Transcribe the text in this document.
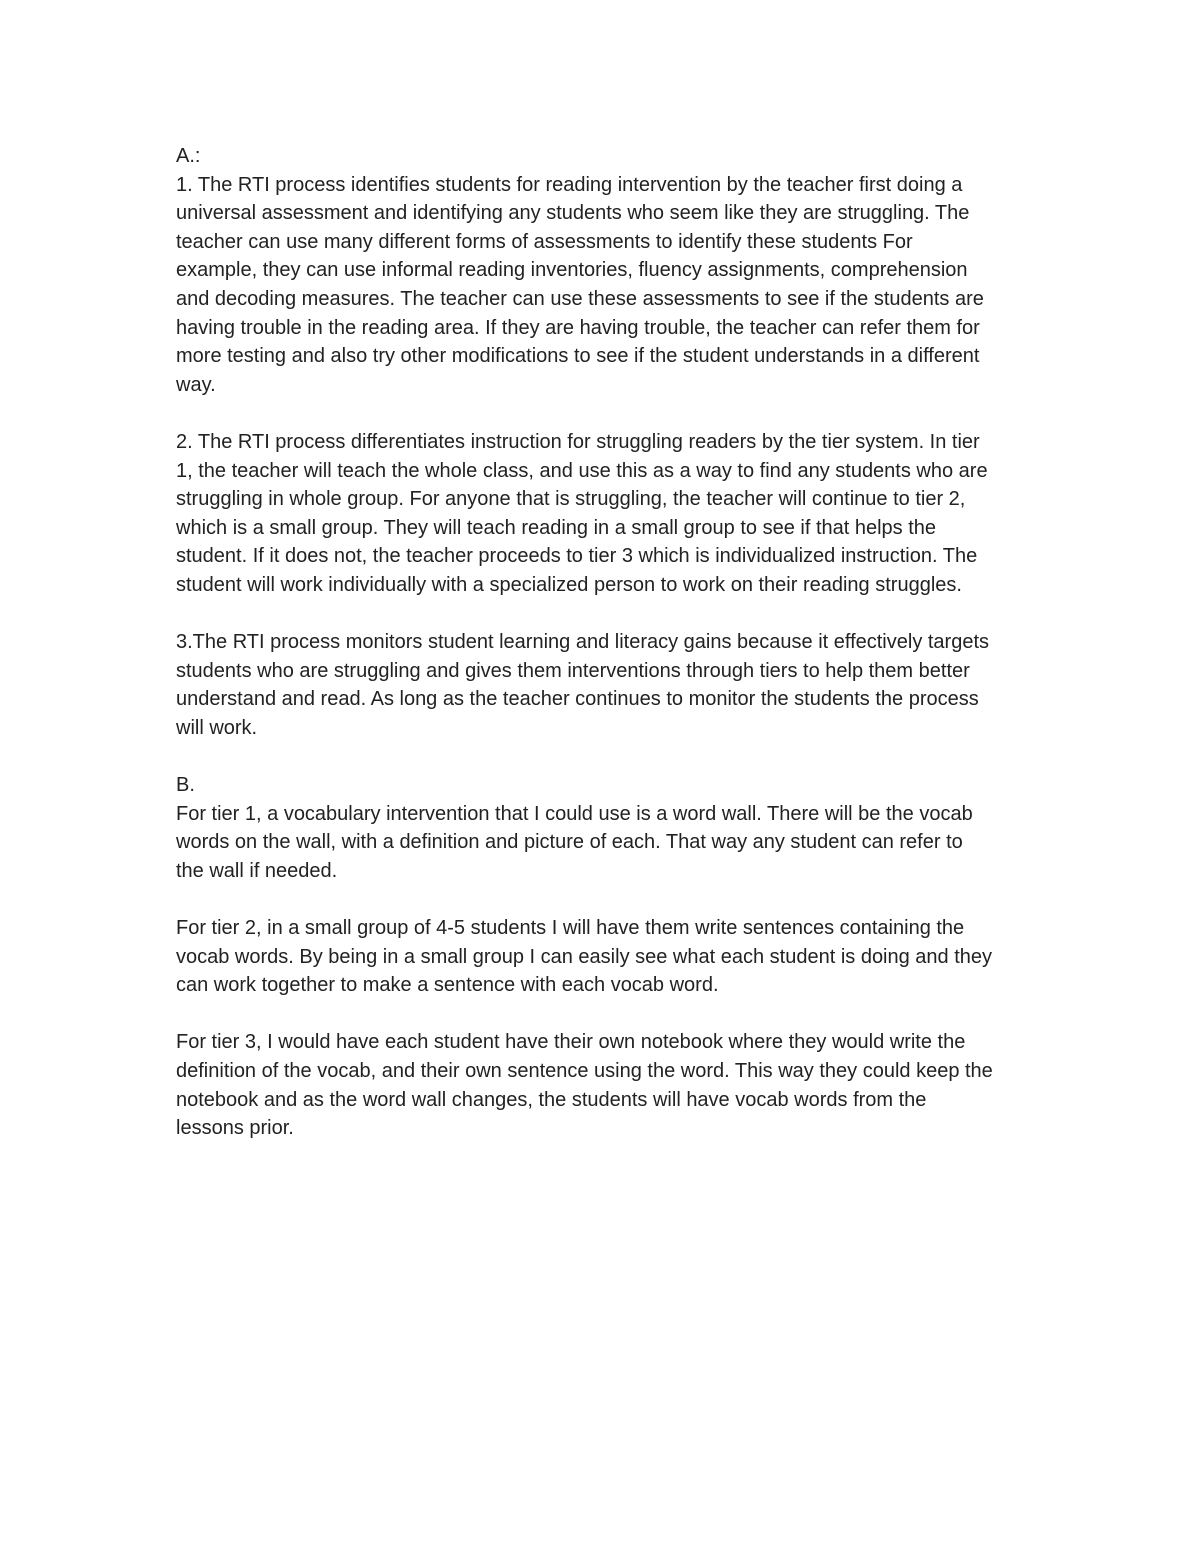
A.:
1. The RTI process identifies students for reading intervention by the teacher first doing a
universal assessment and identifying any students who seem like they are struggling. The
teacher can use many different forms of assessments to identify these students For
example, they can use informal reading inventories, fluency assignments, comprehension
and decoding measures. The teacher can use these assessments to see if the students are
having trouble in the reading area. If they are having trouble, the teacher can refer them for
more testing and also try other modifications to see if the student understands in a different
way.
2. The RTI process differentiates instruction for struggling readers by the tier system. In tier
1, the teacher will teach the whole class, and use this as a way to find any students who are
struggling in whole group. For anyone that is struggling, the teacher will continue to tier 2,
which is a small group. They will teach reading in a small group to see if that helps the
student. If it does not, the teacher proceeds to tier 3 which is individualized instruction. The
student will work individually with a specialized person to work on their reading struggles.
3.The RTI process monitors student learning and literacy gains because it effectively targets
students who are struggling and gives them interventions through tiers to help them better
understand and read. As long as the teacher continues to monitor the students the process
will work.
B.
For tier 1, a vocabulary intervention that I could use is a word wall. There will be the vocab
words on the wall, with a definition and picture of each. That way any student can refer to
the wall if needed.
For tier 2, in a small group of 4-5 students I will have them write sentences containing the
vocab words. By being in a small group I can easily see what each student is doing and they
can work together to make a sentence with each vocab word.
For tier 3, I would have each student have their own notebook where they would write the
definition of the vocab, and their own sentence using the word. This way they could keep the
notebook and as the word wall changes, the students will have vocab words from the
lessons prior.
